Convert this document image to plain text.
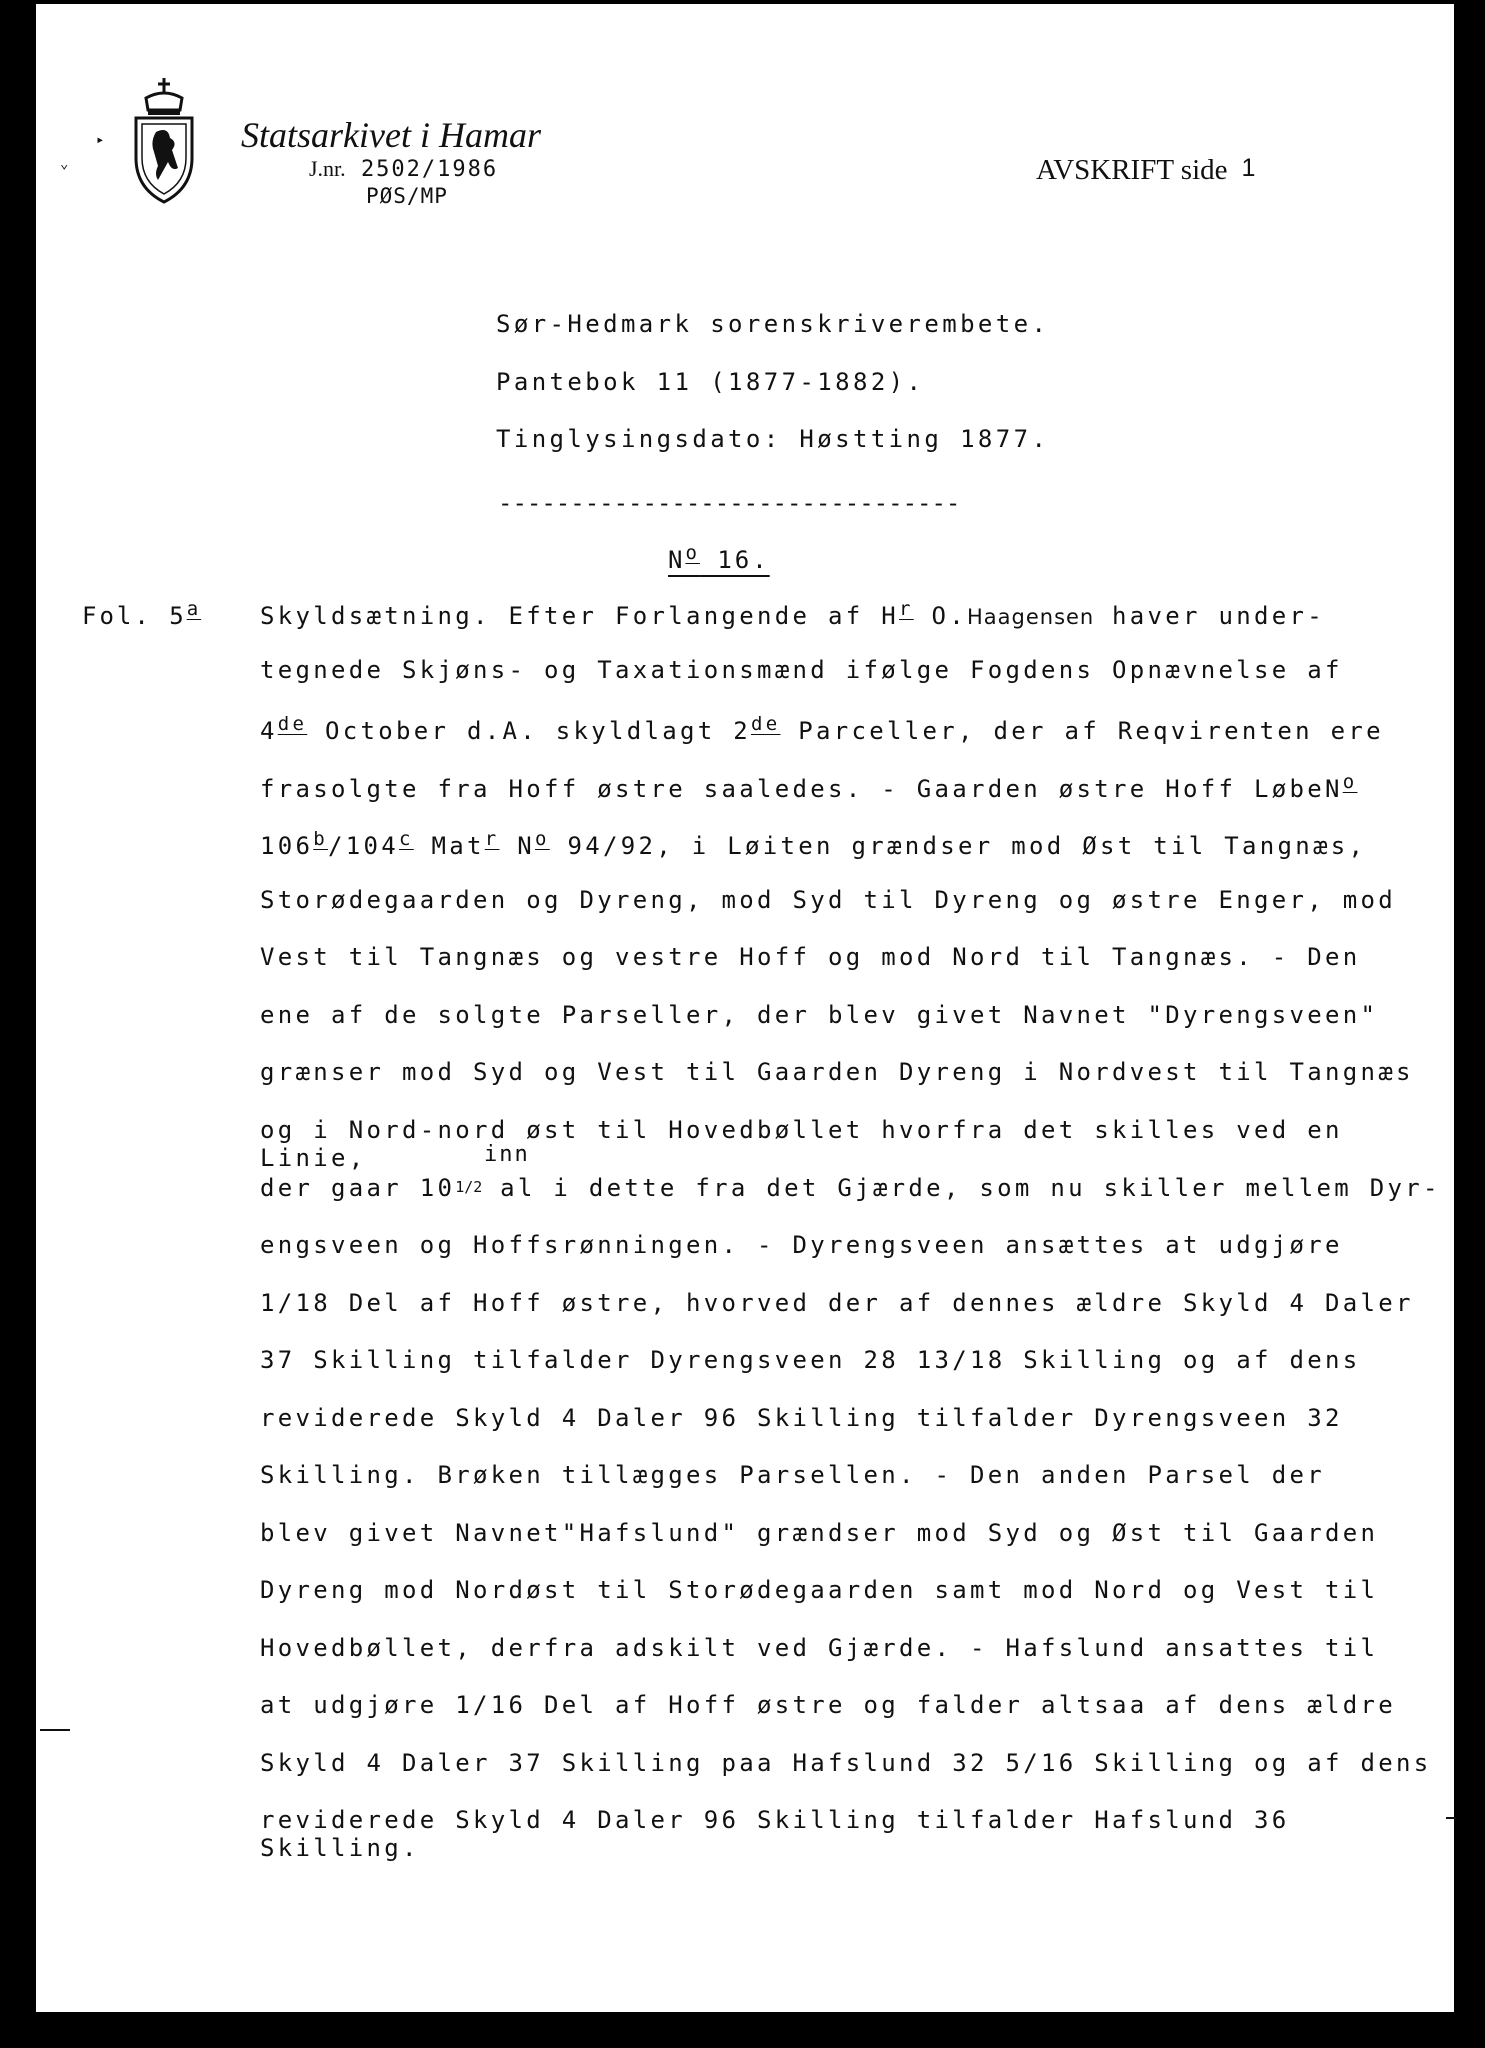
▸
⌄
Statsarkivet i Hamar
J.nr. 2502/1986
PØS/MP
AVSKRIFT side 1
Sør-Hedmark sorenskriverembete.
Pantebok 11 (1877-1882).
Tinglysingsdato: Høstting 1877.
--------------------------------
$N^o$ 16.
Fol. 5$^a$ Skyldsætning. Efter Forlangende af $H^r$ O.Haagensen haver under-
tegnede Skjøns- og Taxationsmænd ifølge Fogdens Opnævnelse af
4de October d.A. skyldlagt 2de Parceller, der af Reqvirenten ere
frasolgte fra Hoff østre saaledes. - Gaarden østre Hoff LøbeN$^o$
106$^b$/104$^c$ Mat$^r$ $N^o$ 94/92, i Løiten grændser mod Øst til Tangnæs,
Storødegaarden og Dyreng, mod Syd til Dyreng og østre Enger, mod
Vest til Tangnæs og vestre Hoff og mod Nord til Tangnæs. - Den
ene af de solgte Parseller, der blev givet Navnet "Dyrengsveen"
grænser mod Syd og Vest til Gaarden Dyreng i Nordvest til Tangnæs
og i Nord-nord øst til Hovedbøllet hvorfra det skilles ved en Linie,	inn
der gaar 101/2 al i dette fra det Gjærde, som nu skiller mellem Dyr-
engsveen og Hoffsrønningen. - Dyrengsveen ansættes at udgjøre
1/18 Del af Hoff østre, hvorved der af dennes ældre Skyld 4 Daler
37 Skilling tilfalder Dyrengsveen 28 13/18 Skilling og af dens
reviderede Skyld 4 Daler 96 Skilling tilfalder Dyrengsveen 32
Skilling. Brøken tillægges Parsellen. - Den anden Parsel der
blev givet Navnet"Hafslund" grændser mod Syd og Øst til Gaarden
Dyreng mod Nordøst til Storødegaarden samt mod Nord og Vest til
Hovedbøllet, derfra adskilt ved Gjærde. - Hafslund ansattes til
at udgjøre 1/16 Del af Hoff østre og falder altsaa af dens ældre
Skyld 4 Daler 37 Skilling paa Hafslund 32 5/16 Skilling og af dens
reviderede Skyld 4 Daler 96 Skilling tilfalder Hafslund 36 Skilling.
